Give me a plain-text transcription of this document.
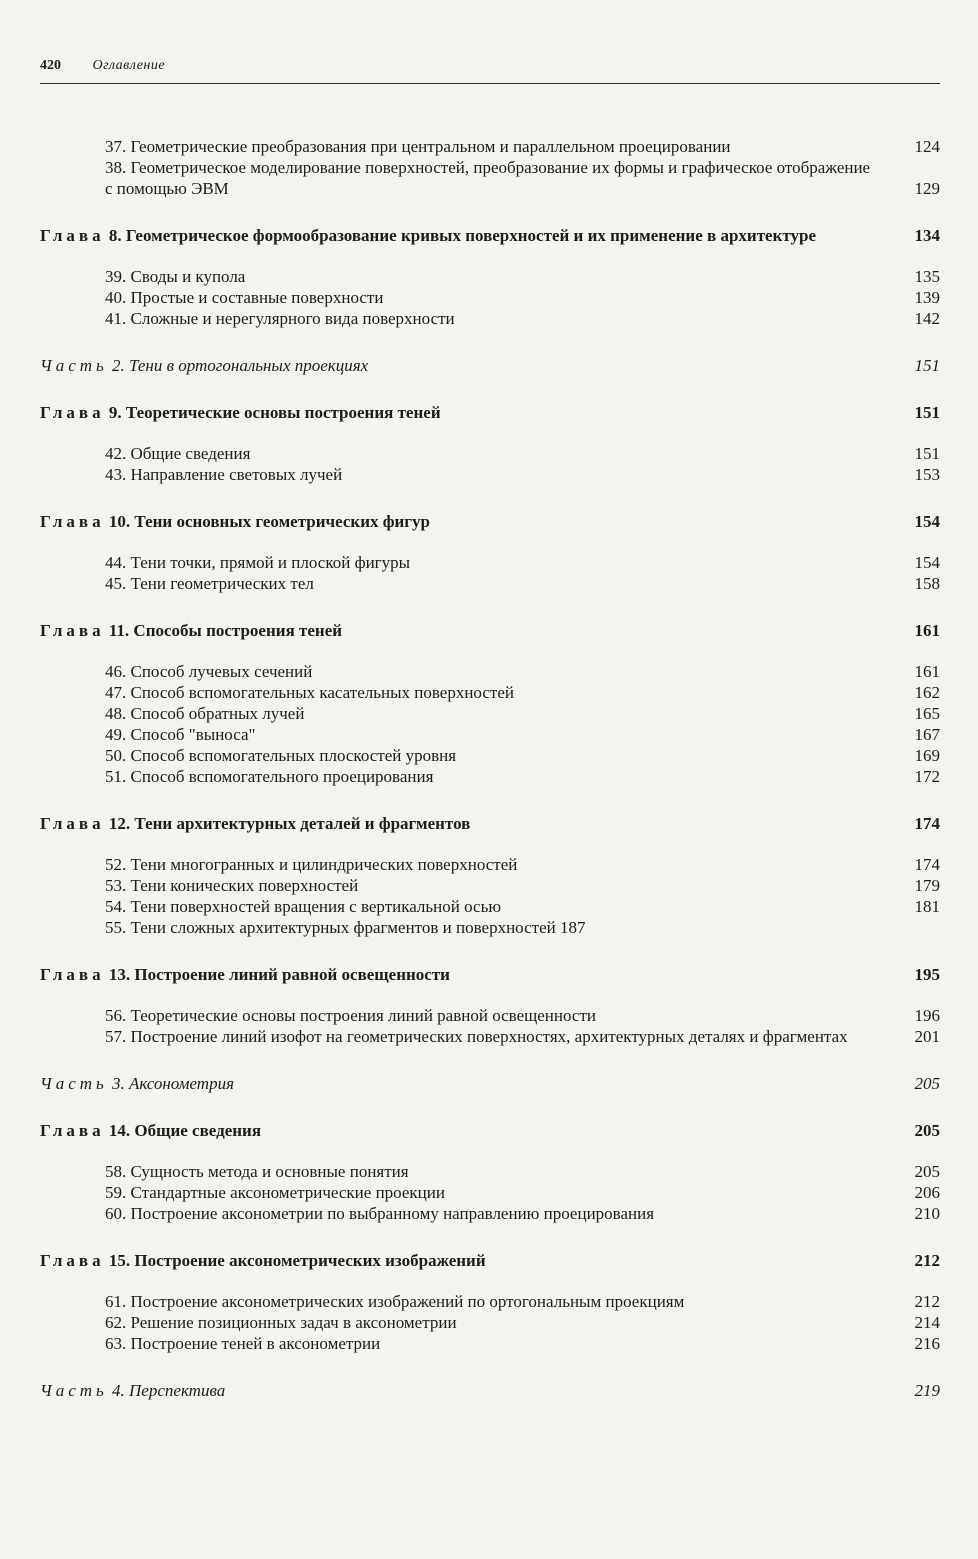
420 Оглавление
37. Геометрические преобразования при центральном и параллельном проецировании	124
38. Геометрическое моделирование поверхностей, преобразование их формы и графическое отображение с помощью ЭВМ	129
Глава 8. Геометрическое формообразование кривых поверхностей и их применение в архитектуре	134
39. Своды и купола	135
40. Простые и составные поверхности	139
41. Сложные и нерегулярного вида поверхности	142
Часть 2. Тени в ортогональных проекциях	151
Глава 9. Теоретические основы построения теней	151
42. Общие сведения	151
43. Направление световых лучей	153
Глава 10. Тени основных геометрических фигур	154
44. Тени точки, прямой и плоской фигуры	154
45. Тени геометрических тел	158
Глава 11. Способы построения теней	161
46. Способ лучевых сечений	161
47. Способ вспомогательных касательных поверхностей	162
48. Способ обратных лучей	165
49. Способ "выноса"	167
50. Способ вспомогательных плоскостей уровня	169
51. Способ вспомогательного проецирования	172
Глава 12. Тени архитектурных деталей и фрагментов	174
52. Тени многогранных и цилиндрических поверхностей	174
53. Тени конических поверхностей	179
54. Тени поверхностей вращения с вертикальной осью	181
55. Тени сложных архитектурных фрагментов и поверхностей 187
Глава 13. Построение линий равной освещенности	195
56. Теоретические основы построения линий равной освещенности	196
57. Построение линий изофот на геометрических поверхностях, архитектурных деталях и фрагментах	201
Часть 3. Аксонометрия	205
Глава 14. Общие сведения	205
58. Сущность метода и основные понятия	205
59. Стандартные аксонометрические проекции	206
60. Построение аксонометрии по выбранному направлению проецирования	210
Глава 15. Построение аксонометрических изображений	212
61. Построение аксонометрических изображений по ортогональным проекциям	212
62. Решение позиционных задач в аксонометрии	214
63. Построение теней в аксонометрии	216
Часть 4. Перспектива	219
